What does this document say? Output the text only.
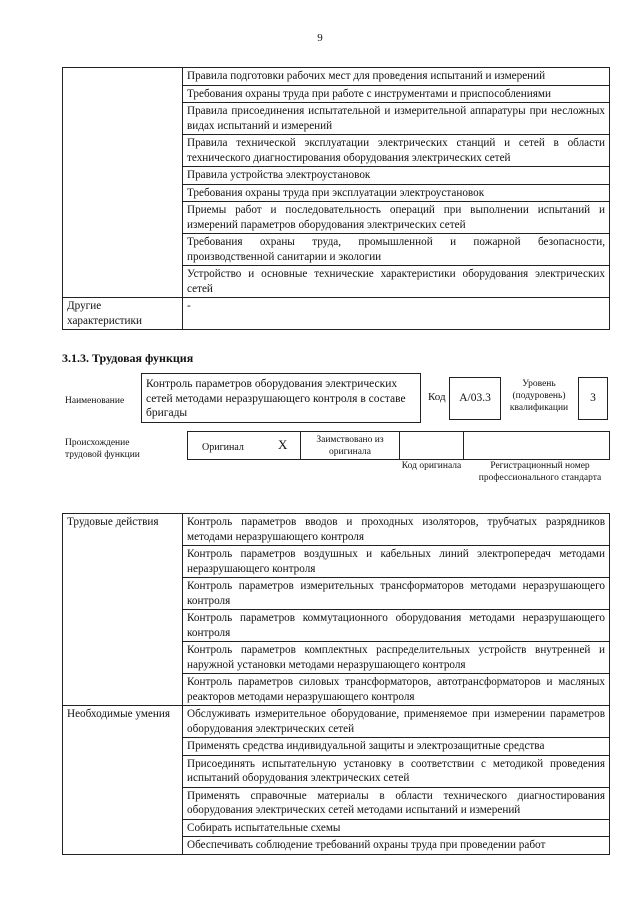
9
	Правила подготовки рабочих мест для проведения испытаний и измерений
	Требования охраны труда при работе с инструментами и приспособлениями
	Правила присоединения испытательной и измерительной аппаратуры при несложных видах испытаний и измерений
	Правила технической эксплуатации электрических станций и сетей в области технического диагностирования оборудования электрических сетей
	Правила устройства электроустановок
	Требования охраны труда при эксплуатации электроустановок
	Приемы работ и последовательность операций при выполнении испытаний и измерений параметров оборудования электрических сетей
	Требования охраны труда, промышленной и пожарной безопасности, производственной санитарии и экологии
	Устройство и основные технические характеристики оборудования электрических сетей
Другие характеристики	-
3.1.3. Трудовая функция
Наименование
Контроль параметров оборудования электрических сетей методами неразрушающего контроля в составе бригады
Код	А/03.3
Уровень (подуровень) квалификации
3
Происхождение трудовой функции
Оригинал	X	Заимствовано из оригинала
Код оригинала	Регистрационный номер профессионального стандарта
Трудовые действия	Контроль параметров вводов и проходных изоляторов, трубчатых разрядников методами неразрушающего контроля
	Контроль параметров воздушных и кабельных линий электропередач методами неразрушающего контроля
	Контроль параметров измерительных трансформаторов методами неразрушающего контроля
	Контроль параметров коммутационного оборудования методами неразрушающего контроля
	Контроль параметров комплектных распределительных устройств внутренней и наружной установки методами неразрушающего контроля
	Контроль параметров силовых трансформаторов, автотрансформаторов и масляных реакторов методами неразрушающего контроля
Необходимые умения	Обслуживать измерительное оборудование, применяемое при измерении параметров оборудования электрических сетей
	Применять средства индивидуальной защиты и электрозащитные средства
	Присоединять испытательную установку в соответствии с методикой проведения испытаний оборудования электрических сетей
	Применять справочные материалы в области технического диагностирования оборудования электрических сетей методами испытаний и измерений
	Собирать испытательные схемы
	Обеспечивать соблюдение требований охраны труда при проведении работ
